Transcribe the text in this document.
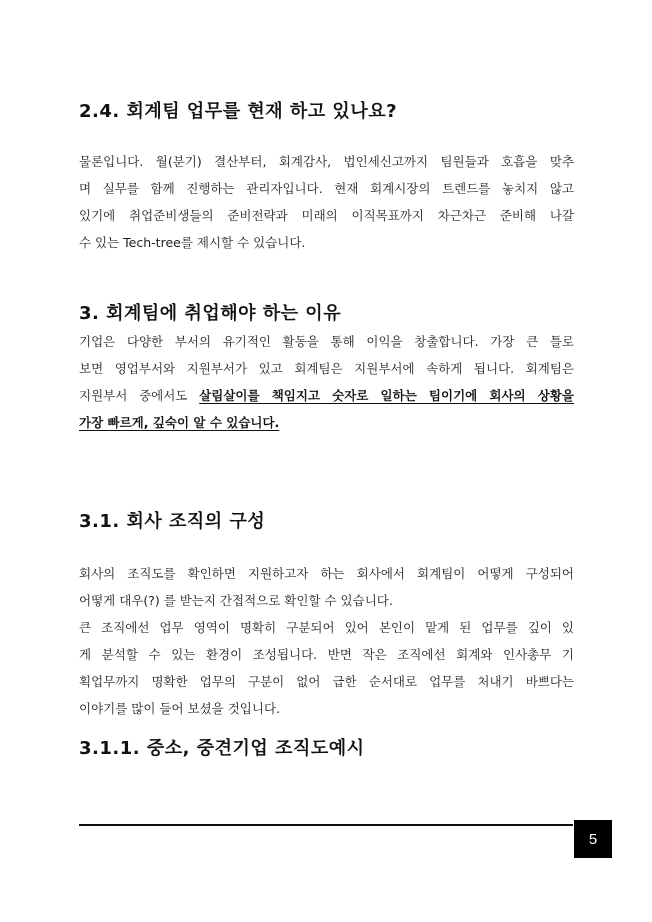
2.4. 회계팀 업무를 현재 하고 있나요?
물론입니다. 월(분기) 결산부터, 회계감사, 법인세신고까지 팀원들과 호흡을 맞추
며 실무를 함께 진행하는 관리자입니다. 현재 회계시장의 트렌드를 놓치지 않고
있기에 취업준비생들의 준비전략과 미래의 이직목표까지 차근차근 준비해 나갈
수 있는 Tech-tree를 제시할 수 있습니다.
3. 회계팀에 취업해야 하는 이유
기업은 다양한 부서의 유기적인 활동을 통해 이익을 창출합니다. 가장 큰 틀로
보면 영업부서와 지원부서가 있고 회계팀은 지원부서에 속하게 됩니다. 회계팀은
지원부서 중에서도 살림살이를 책임지고 숫자로 일하는 팀이기에 회사의 상황을
가장 빠르게, 깊숙이 알 수 있습니다.
3.1. 회사 조직의 구성
회사의 조직도를 확인하면 지원하고자 하는 회사에서 회계팀이 어떻게 구성되어
어떻게 대우(?) 를 받는지 간접적으로 확인할 수 있습니다.
큰 조직에선 업무 영역이 명확히 구분되어 있어 본인이 맡게 된 업무를 깊이 있
게 분석할 수 있는 환경이 조성됩니다. 반면 작은 조직에선 회계와 인사총무 기
획업무까지 명확한 업무의 구분이 없어 급한 순서대로 업무를 처내기 바쁘다는
이야기를 많이 들어 보셨을 것입니다.
3.1.1. 중소, 중견기업 조직도예시
5
